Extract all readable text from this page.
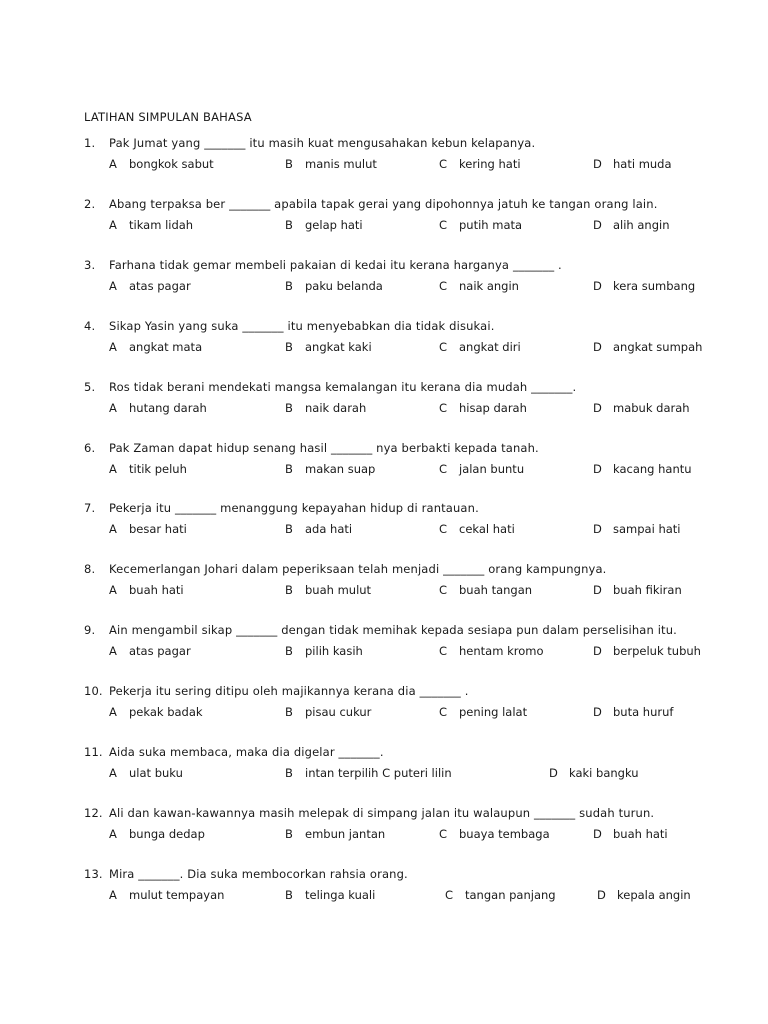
LATIHAN SIMPULAN BAHASA
1. Pak Jumat yang _______ itu masih kuat mengusahakan kebun kelapanya.
A bongkok sabut	B manis mulut	C kering hati	D hati muda
2. Abang terpaksa ber _______ apabila tapak gerai yang dipohonnya jatuh ke tangan orang lain.
A tikam lidah	B gelap hati	C putih mata	D alih angin
3. Farhana tidak gemar membeli pakaian di kedai itu kerana harganya _______ .
A atas pagar	B paku belanda	C naik angin	D kera sumbang
4. Sikap Yasin yang suka _______ itu menyebabkan dia tidak disukai.
A angkat mata	B angkat kaki	C angkat diri	D angkat sumpah
5. Ros tidak berani mendekati mangsa kemalangan itu kerana dia mudah _______.
A hutang darah	B naik darah	C hisap darah	D mabuk darah
6. Pak Zaman dapat hidup senang hasil _______ nya berbakti kepada tanah.
A titik peluh	B makan suap	C jalan buntu	D kacang hantu
7. Pekerja itu _______ menanggung kepayahan hidup di rantauan.
A besar hati	B ada hati	C cekal hati	D sampai hati
8. Kecemerlangan Johari dalam peperiksaan telah menjadi _______ orang kampungnya.
A buah hati	B buah mulut	C buah tangan	D buah fikiran
9. Ain mengambil sikap _______ dengan tidak memihak kepada sesiapa pun dalam perselisihan itu.
A atas pagar	B pilih kasih	C hentam kromo	D berpeluk tubuh
10. Pekerja itu sering ditipu oleh majikannya kerana dia _______ .
A pekak badak	B pisau cukur	C pening lalat	D buta huruf
11. Aida suka membaca, maka dia digelar _______.
A ulat buku	B intan terpilih C puteri lilin	D kaki bangku
12. Ali dan kawan-kawannya masih melepak di simpang jalan itu walaupun _______ sudah turun.
A bunga dedap	B embun jantan	C buaya tembaga	D buah hati
13. Mira _______. Dia suka membocorkan rahsia orang.
A mulut tempayan	B telinga kuali	C tangan panjang	D kepala angin
